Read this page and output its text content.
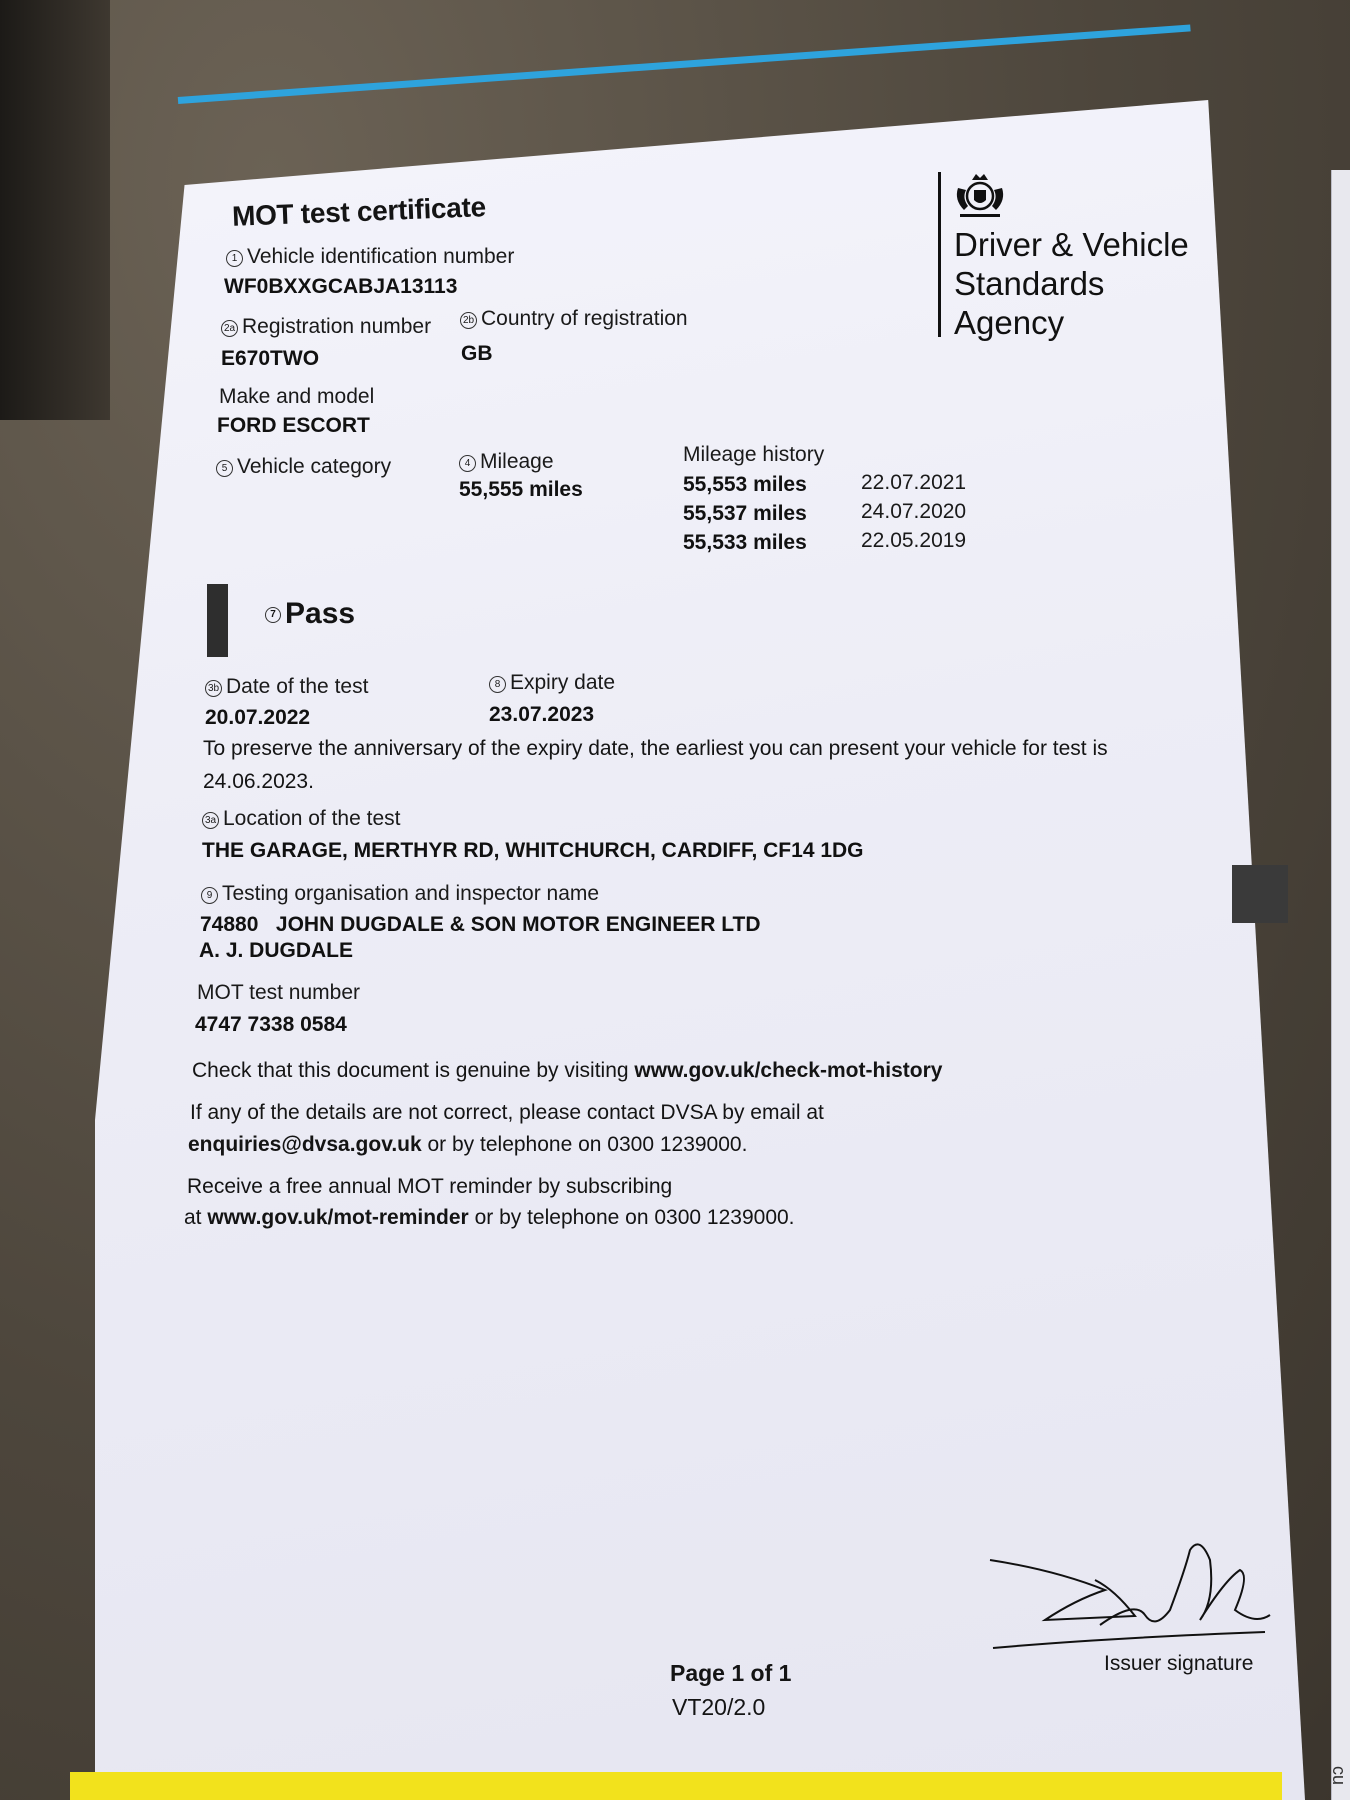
cu
MOT test certificate
Driver & Vehicle
Standards
Agency
1 Vehicle identification number
WF0BXXGCABJA13113
2a Registration number
E670TWO
2b Country of registration
GB
Make and model
FORD ESCORT
5 Vehicle category	4 Mileage
55,555 miles
Mileage history
55,553 miles	22.07.2021
55,537 miles	24.07.2020
55,533 miles	22.05.2019
7 Pass
3b Date of the test
20.07.2022
8 Expiry date
23.07.2023
To preserve the anniversary of the expiry date, the earliest you can present your vehicle for test is
24.06.2023.
3a Location of the test
THE GARAGE, MERTHYR RD, WHITCHURCH, CARDIFF, CF14 1DG
9 Testing organisation and inspector name
74880   JOHN DUGDALE & SON MOTOR ENGINEER LTD
A. J. DUGDALE
MOT test number
4747 7338 0584
Check that this document is genuine by visiting www.gov.uk/check-mot-history
If any of the details are not correct, please contact DVSA by email at
enquiries@dvsa.gov.uk or by telephone on 0300 1239000.
Receive a free annual MOT reminder by subscribing
at www.gov.uk/mot-reminder or by telephone on 0300 1239000.
Issuer signature
Page 1 of 1
VT20/2.0
